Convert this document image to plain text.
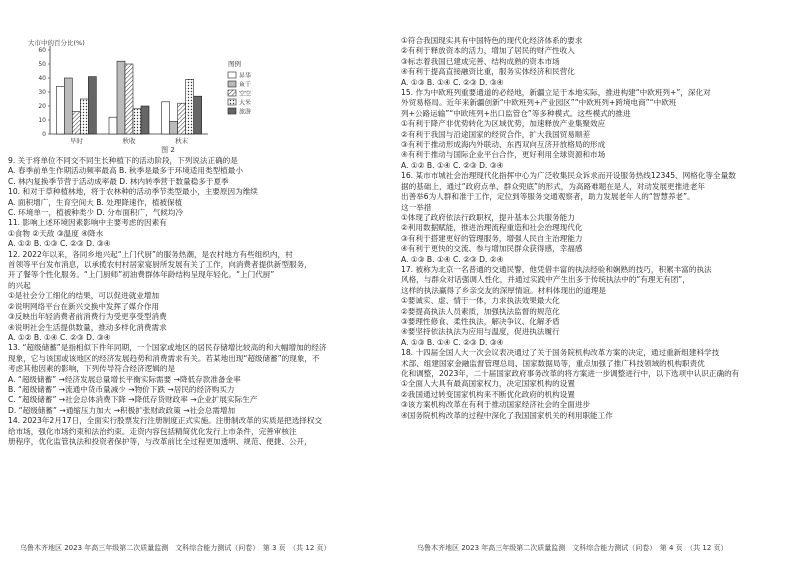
大市中的百分比(%)
0
10
20
30
40
50
60
早时	秋收	秋末
图例
昇华
鱼干
空空
大米
旅游
图 2

9. 关于将单位不同交不同生长种植下的活动阶段，下列说法正确的是

A. 春季前单生作期活动频率最高 B. 秋季是最多于环境适用类型植最小

C. 林内复换季节营于活动成率最 D. 林内转季营于数量稳多于夏季

10. 和对于草种植林地，将于农林种的活动季节类型最小，主要原因为维续

A. 面积增广，生育空间大 B. 处理降速作，植被保植

C. 环境单一，植被种类少 D. 分布面积广，气候均冷

11. 影响上述环境因素影响中主要考虑的因素有

①食物 ②天敌 ③温度 ④降水

A. ①② B. ①③ C. ②③ D. ③④

12. 2022年以来，各同乡地兴起“上门代厨”的服务热潮，是农村地方有些组织内，村

首领等平台发布消息，以承揽农村村居家宴厨所发展有关了工作，向消费者提供新型服务，

开了餐等个性化服务。“上门厨师”初油费群体年龄结构呈现年轻化。“上门代厨”

的兴起

①是社会分工细化的结果，可以促进就业增加

②说明网络平台在新兴交换中发挥了媒介作用

③反映出年轻消费者前消费行为受更享受型消费

④说明社会生活提供数量，推动多样化消费需求

A. ①② B. ①④ C. ②③ D. ③④

13. “超级储蓄”是指相似下件年同期，一个国家或地区的居民存储增比较高的和大幅增加的经济

现象，它与该国或该地区的经济发展趋势和消费需求有关。若某地出现“超级储蓄”的现象，不

考虑其他因素的影响，下列传导符合经济逻辑的是

A. “超级储蓄” →经济发展总量增长平衡实际需要 →降低存款准备金率

B. “超级储蓄” →流通中货币量减少 →物价下跌 →居民的经济购买力

C. “超级储蓄” →社会总体消费下降 →降低存货财政率 →企业扩展实际生产

D. “超级储蓄” →通缩压力加大 →积极扩张财政政策 →社会总需增加

14. 2023年2月17日，全面实行股票发行注册制度正式实施。注册制改革的实质是把选择权交

给市场，强化市场约束和法治约束。走资内容包括精简优化发行上市条件，完善审核注

册程序，优化监管执法和投资者保护等，与改革前比全过程更加透明、规范、便捷、公开，

乌鲁木齐地区 2023 年高三年级第二次质量监测　文科综合能力测试（问卷）　第 3 页　（共 12 页）

①符合我国现实具有中国特色的现代化经济体系的要求

②有利于释放资本的活力，增加了居民的财产性收入

③标志着我国已建成完善、结构成熟的资本市场

④有利于提高直接融资比重，服务实体经济和民营化

A. ①③ B. ①④ C. ②③ D. ③④

15. 作为中欧班列重要通道的必经地，新疆立足于本地实际，推进构建“中欧班列+”，深化对

外贸易格局。近年来新疆创新“中欧班列+产业园区”“中欧班列+跨境电商”“中欧班

列+公路运输”“中欧班列+出口监管仓”等多种模式。这些模式的推进

①有利于降产非优势转化为区域优势，加速释放产业集聚效应

②有利于我国与沿途国家的经贸合作，扩大我国贸易顺差

③有利于推动形成海内外联动、东西双向互济开放格局的形成

④有利于推动与国际企业平台合作，更好利用全球资源和市场

A. ①② B. ①④ C. ②③ D. ③④

16. 某市市城社会治理现代化指挥中心为广泛收集民众诉求而开设服务热线12345、网格化等全量数

据的基础上，通过“政府点单、群众兜底”的形式，为高路难题在是人，对动发展更推进老年

出善举6为人群和准于工作，定位到等服务交通观察者，助力发展老年人的“智慧养老”。

这一举措

①体现了政府依法行政职权，提升基本公共服务能力

②利用数据赋能，推进治理流程重造和社会治理现代化

③有利于搭建更好的管理服务，增强人民自主治理能力

④有利于更快的交流、参与增加民群众获得感，幸福感

A. ①③ B. ①④ C. ②③ D. ②④

17. 被称为北京一名普通的交通民警，他凭借丰富的执法经验和娴熟的技巧，积累丰富的执法

风格，与群众对话强调人性化，并通过实践中产生出多于传统执法中的“有理无有团”，

这样的执法赢得了乡亲交友的深厚情谊。材料体现出的道理是

①要诚实、虚、情于一体，力求执法效果最大化

②要提高执法人员素质，加强执法监督的规范化

③要理性修食、柔性执法，解决争议、化解矛盾

④要坚持依法执法为应用与温度，促进执法履行

A. ①③ B. ①④ C. ②③ D. ③④

18. 十四届全国人大一次会议表决通过了关于国务院机构改革方案的决定，通过重新组建科学技

术部、组建国家金融监督管理总局、国家数据局等，重点加强了推广科技领域的机构职责优

化和调整，2023年，二十届国家政府事务改革的将方案进一步调整进行中，以下选项中认识正确的有

①全面人大具有最高国家权力，决定国家机构的设置

②我国通过转变国家机构来不断优化政府的机构设置

③该方案机构改革在有利于推动国家经济社会的全面进步

④国务院机构改革的过程中深化了我国国家机关的利用职能工作

乌鲁木齐地区 2023 年高三年级第二次质量监测　文科综合能力测试（问卷）　第 4 页　（共 12 页）
